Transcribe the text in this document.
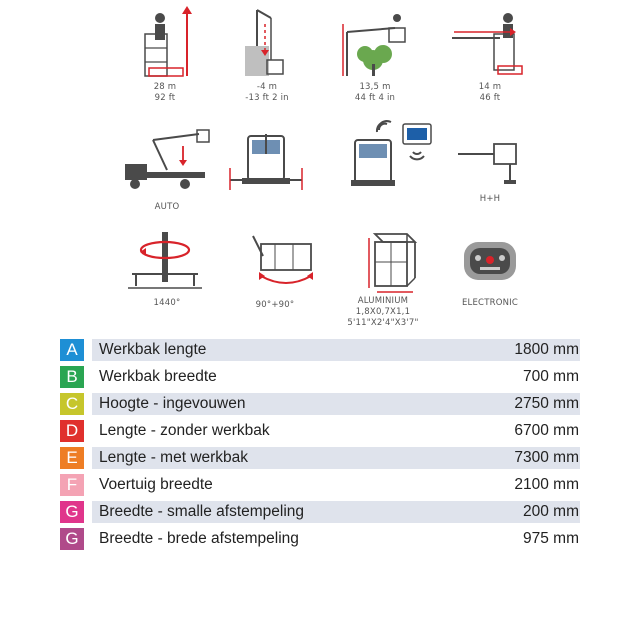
28 m
92 ft
-4 m
-13 ft 2 in
13,5 m
44 ft 4 in
14 m
46 ft
AUTO
H+H
1440°	90°+90°	ALUMINIUM
1,8X0,7X1,1
5'11"X2'4"X3'7"
ELECTRONIC
A	Werkbak lengte	1800 mm
B	Werkbak breedte	700 mm
C	Hoogte - ingevouwen	2750 mm
D	Lengte - zonder werkbak	6700 mm
E	Lengte - met werkbak	7300 mm
F	Voertuig breedte	2100 mm
G	Breedte - smalle afstempeling	200 mm
G	Breedte - brede afstempeling	975 mm
